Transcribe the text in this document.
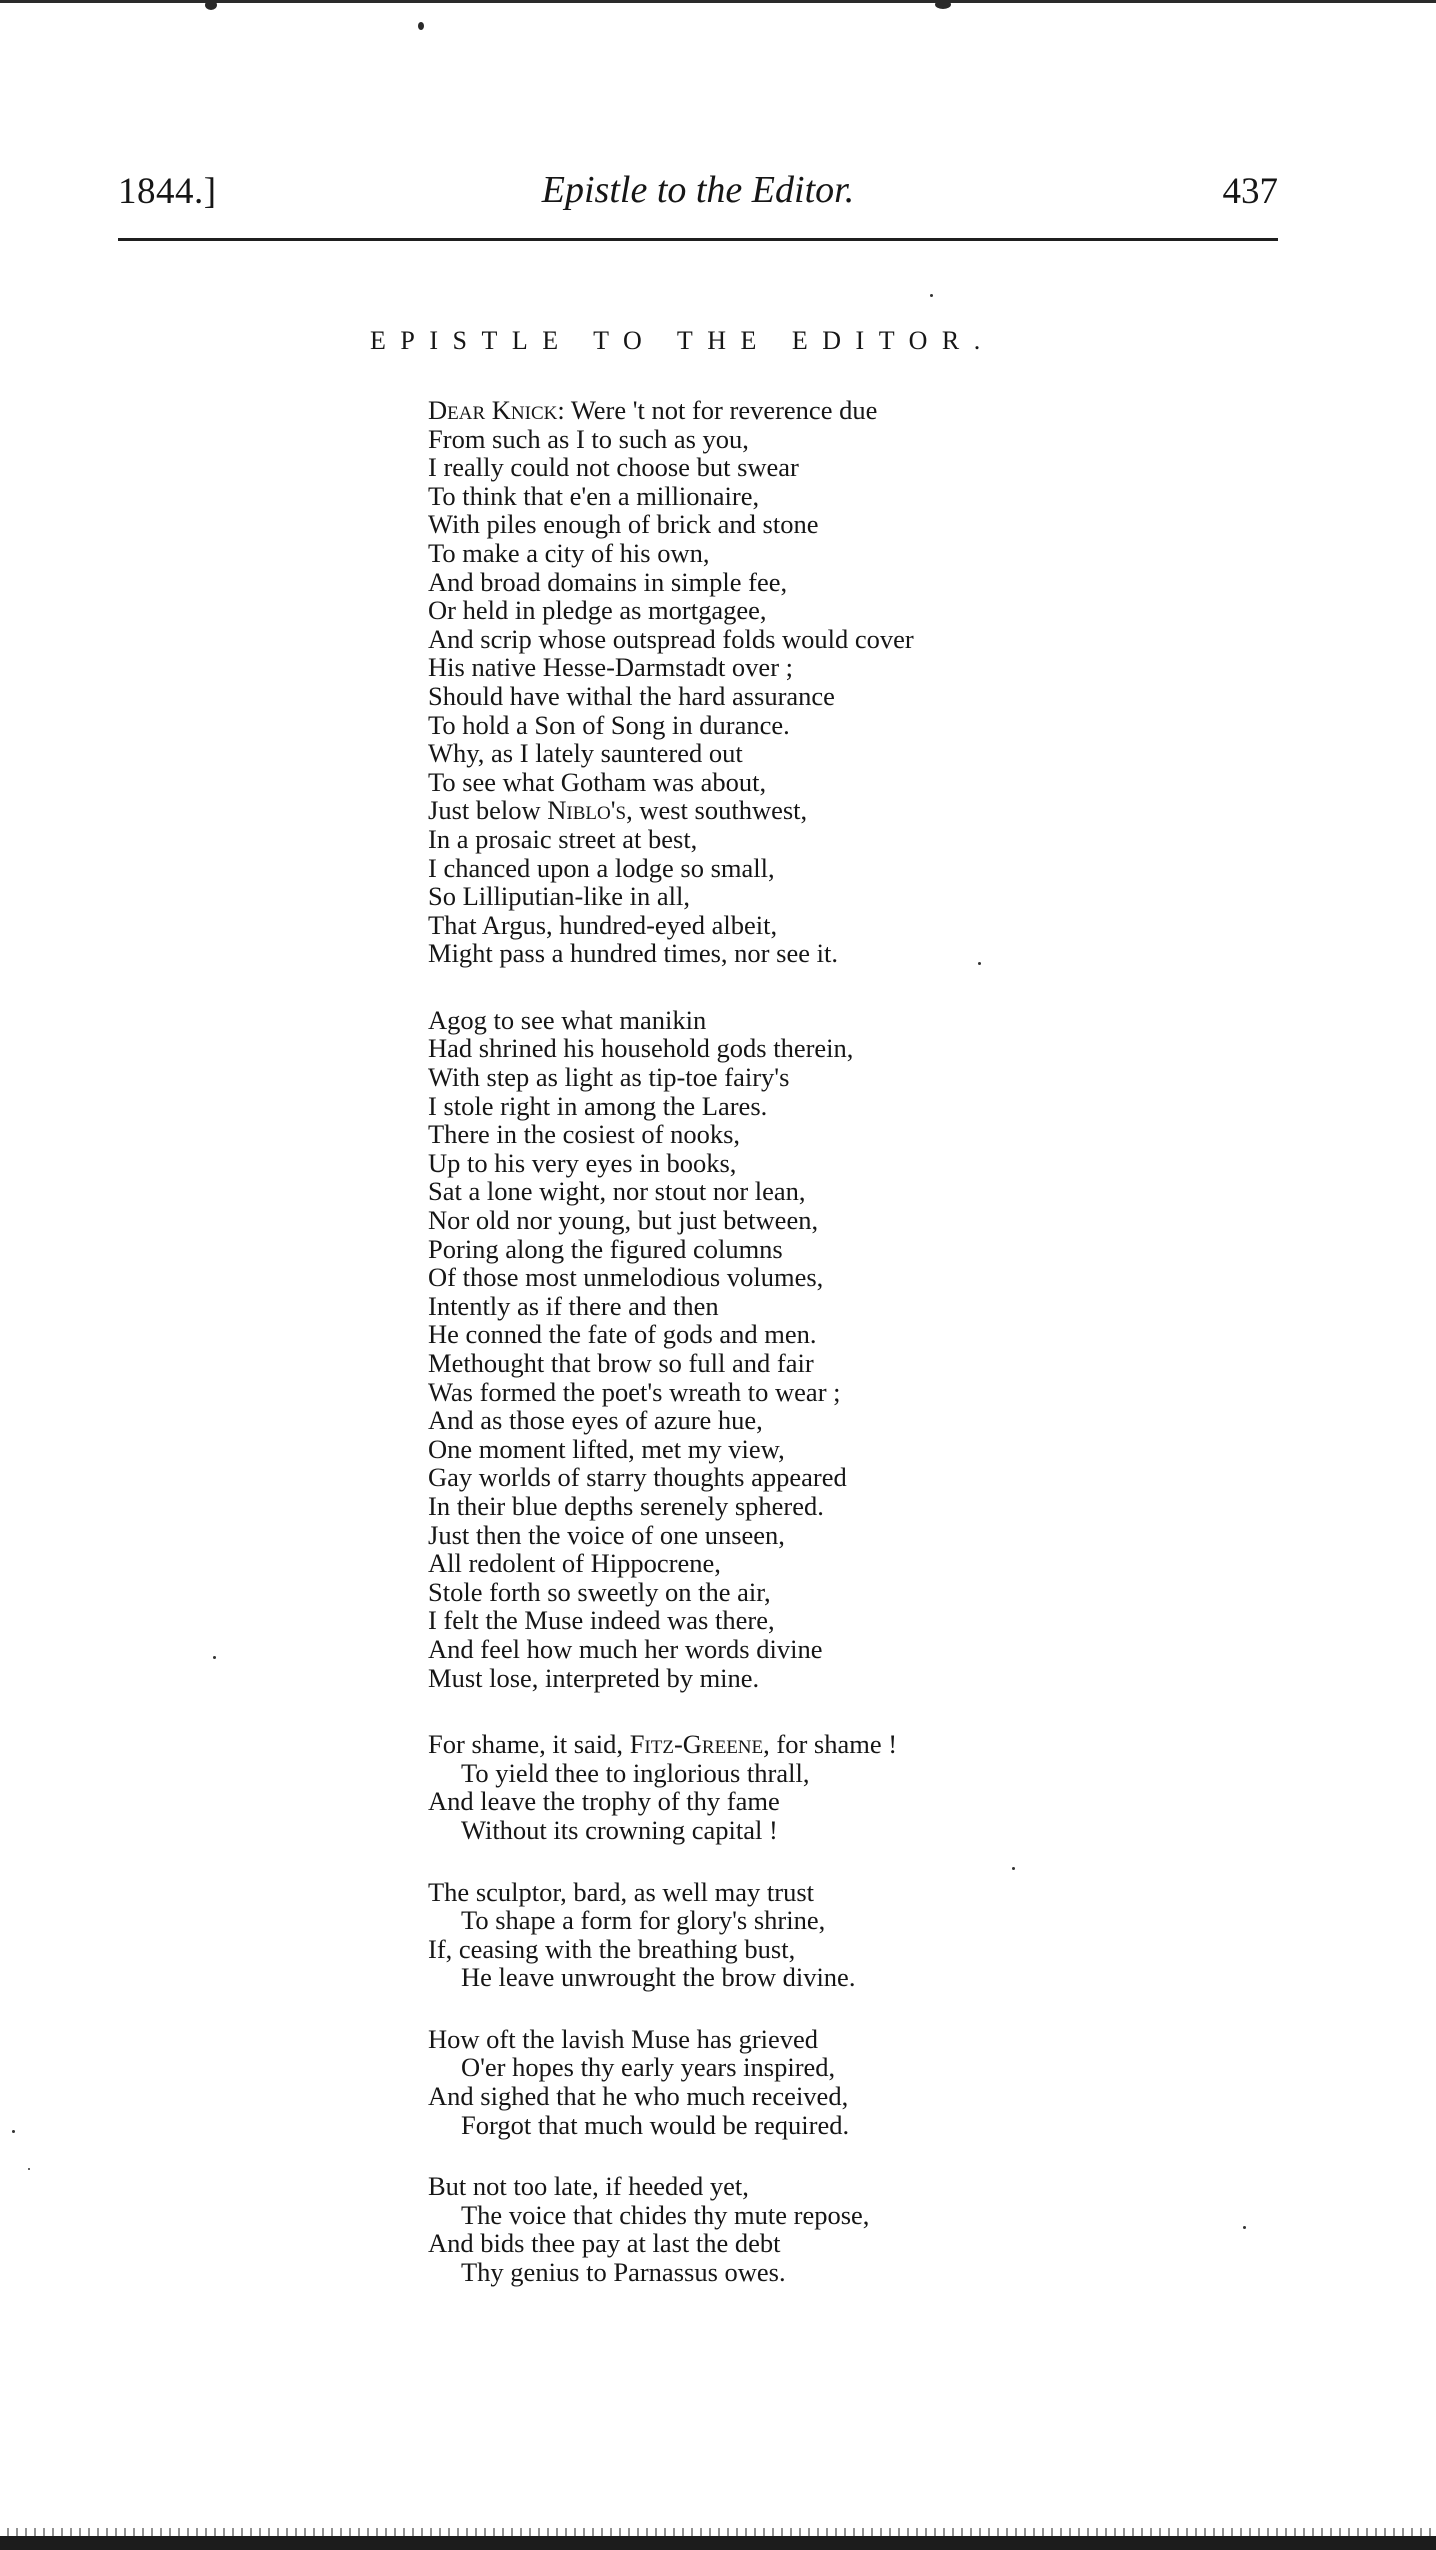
1844.]	Epistle to the Editor.	437
EPISTLE TO THE EDITOR.
Dear Knick: Were 't not for reverence due
From such as I to such as you,
I really could not choose but swear
To think that e'en a millionaire,
With piles enough of brick and stone
To make a city of his own,
And broad domains in simple fee,
Or held in pledge as mortgagee,
And scrip whose outspread folds would cover
His native Hesse-Darmstadt over ;
Should have withal the hard assurance
To hold a Son of Song in durance.
Why, as I lately sauntered out
To see what Gotham was about,
Just below Niblo's, west southwest,
In a prosaic street at best,
I chanced upon a lodge so small,
So Lilliputian-like in all,
That Argus, hundred-eyed albeit,
Might pass a hundred times, nor see it.
Agog to see what manikin
Had shrined his household gods therein,
With step as light as tip-toe fairy's
I stole right in among the Lares.
There in the cosiest of nooks,
Up to his very eyes in books,
Sat a lone wight, nor stout nor lean,
Nor old nor young, but just between,
Poring along the figured columns
Of those most unmelodious volumes,
Intently as if there and then
He conned the fate of gods and men.
Methought that brow so full and fair
Was formed the poet's wreath to wear ;
And as those eyes of azure hue,
One moment lifted, met my view,
Gay worlds of starry thoughts appeared
In their blue depths serenely sphered.
Just then the voice of one unseen,
All redolent of Hippocrene,
Stole forth so sweetly on the air,
I felt the Muse indeed was there,
And feel how much her words divine
Must lose, interpreted by mine.
For shame, it said, Fitz-Greene, for shame !
To yield thee to inglorious thrall,
And leave the trophy of thy fame
Without its crowning capital !
The sculptor, bard, as well may trust
To shape a form for glory's shrine,
If, ceasing with the breathing bust,
He leave unwrought the brow divine.
How oft the lavish Muse has grieved
O'er hopes thy early years inspired,
And sighed that he who much received,
Forgot that much would be required.
But not too late, if heeded yet,
The voice that chides thy mute repose,
And bids thee pay at last the debt
Thy genius to Parnassus owes.
